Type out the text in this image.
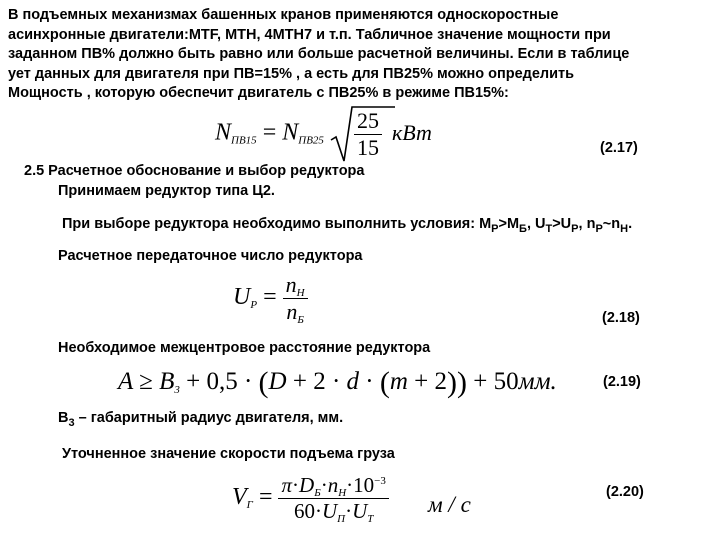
В подъемных механизмах башенных кранов применяются односкоростные
асинхронные двигатели:MTF, MTH, 4MTH7 и т.п. Табличное значение мощности при
заданном ПВ% должно быть равно или больше расчетной величины. Если в таблице
ует данных для двигателя при ПВ=15% , а есть для ПВ25% можно определить
Мощность , которую обеспечит двигатель с ПВ25% в режиме ПВ15%:
$N_{ПВ15} = N_{ПВ25}$	$\frac{25}{15}$ кВт
(2.17)
2.5 Расчетное обоснование и выбор редуктора
Принимаем редуктор типа Ц2.
При выборе редуктора необходимо выполнить условия: $М_Р>М_Б$, $U_Т>U_Р$, $n_Р\sim n_Н$.
Расчетное передаточное число редуктора
$U_Р = \frac{n_Н}{n_Б}$	(2.18)
Необходимое межцентровое расстояние редуктора
$A \ge B_3 + 0,5 \cdot (D + 2 \cdot d \cdot (m + 2)) + 50мм$.	(2.19)
$В_3$ – габаритный радиус двигателя, мм.
Уточненное значение скорости подъема груза
$V_Г = \frac{\pi\cdot D_Б\cdot n_Н\cdot 10^{-3}}{60\cdot U_П\cdot U_Т}$ м / с	(2.20)
